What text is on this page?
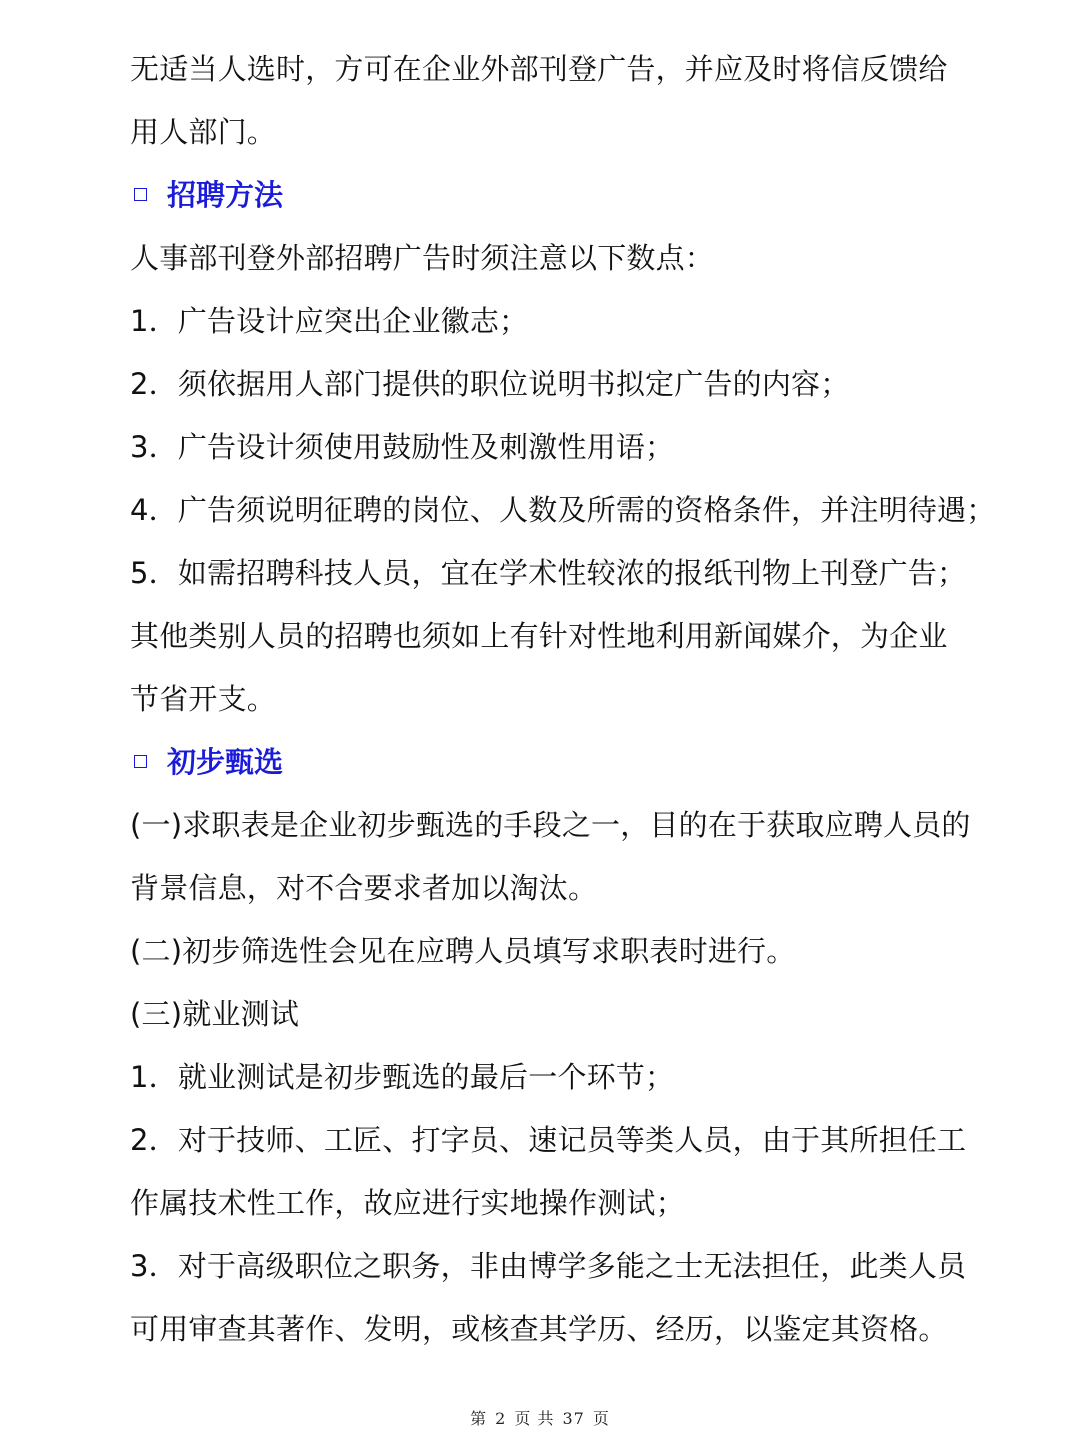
无适当人选时，方可在企业外部刊登广告，并应及时将信反馈给
用人部门。
招聘方法
人事部刊登外部招聘广告时须注意以下数点：
1．广告设计应突出企业徽志；
2．须依据用人部门提供的职位说明书拟定广告的内容；
3．广告设计须使用鼓励性及刺激性用语；
4．广告须说明征聘的岗位、人数及所需的资格条件，并注明待遇；
5．如需招聘科技人员，宜在学术性较浓的报纸刊物上刊登广告；
其他类别人员的招聘也须如上有针对性地利用新闻媒介，为企业
节省开支。
初步甄选
(一)求职表是企业初步甄选的手段之一，目的在于获取应聘人员的
背景信息，对不合要求者加以淘汰。
(二)初步筛选性会见在应聘人员填写求职表时进行。
(三)就业测试
1．就业测试是初步甄选的最后一个环节；
2．对于技师、工匠、打字员、速记员等类人员，由于其所担任工
作属技术性工作，故应进行实地操作测试；
3．对于高级职位之职务，非由博学多能之士无法担任，此类人员
可用审查其著作、发明，或核查其学历、经历，以鉴定其资格。
第 2 页 共 37 页
